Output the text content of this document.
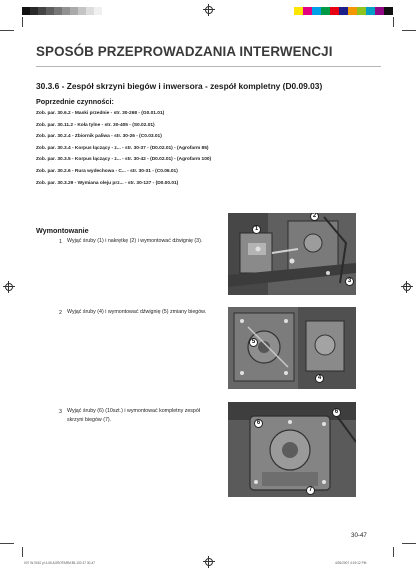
SPOSÓB PRZEPROWADZANIA INTERWENCJI
30.3.6 - Zespół skrzyni biegów i inwersora - zespół kompletny (D0.09.03)
Poprzednie czynności:
Zob. par. 30.6.2 - Maski przednie - str. 30-268 - (G0.01.01)
Zob. par. 30.11.2 - Koła tylne - str. 30-405 - (S0.02.01)
Zob. par. 30.2.4 - Zbiornik paliwa - str. 30-26 - (C0.03.01)
Zob. par. 30.3.4 - Korpus łączący - z... - str. 30-37 - (D0.02.01) - (Agrofarm 85)
Zob. par. 30.3.5 - Korpus łączący - z... - str. 30-42 - (D0.02.01) - (Agrofarm 100)
Zob. par. 30.2.6 - Rura wydechowa - C... - str. 30-31 - (C0.06.01)
Zob. par. 30.3.29 - Wymiana oleju prz... - str. 30-127 - (D0.00.01)
Wymontowanie
1 Wyjąć śruby (1) i nakrętkę (2) i wymontować dźwignię (3).
1
2
3
2 Wyjąć śruby (4) i wymontować dźwignię (5) zmiany biegów.
5
4
3 Wyjąć śruby (6) (10szt.) i wymontować kompletny zespół skrzyni biegów (7).
6
6
7
30-47
007 W 0010 pl 4-06 AGROFARM 85-100 47 30-47	4/26/2007 4:19:12 PM
